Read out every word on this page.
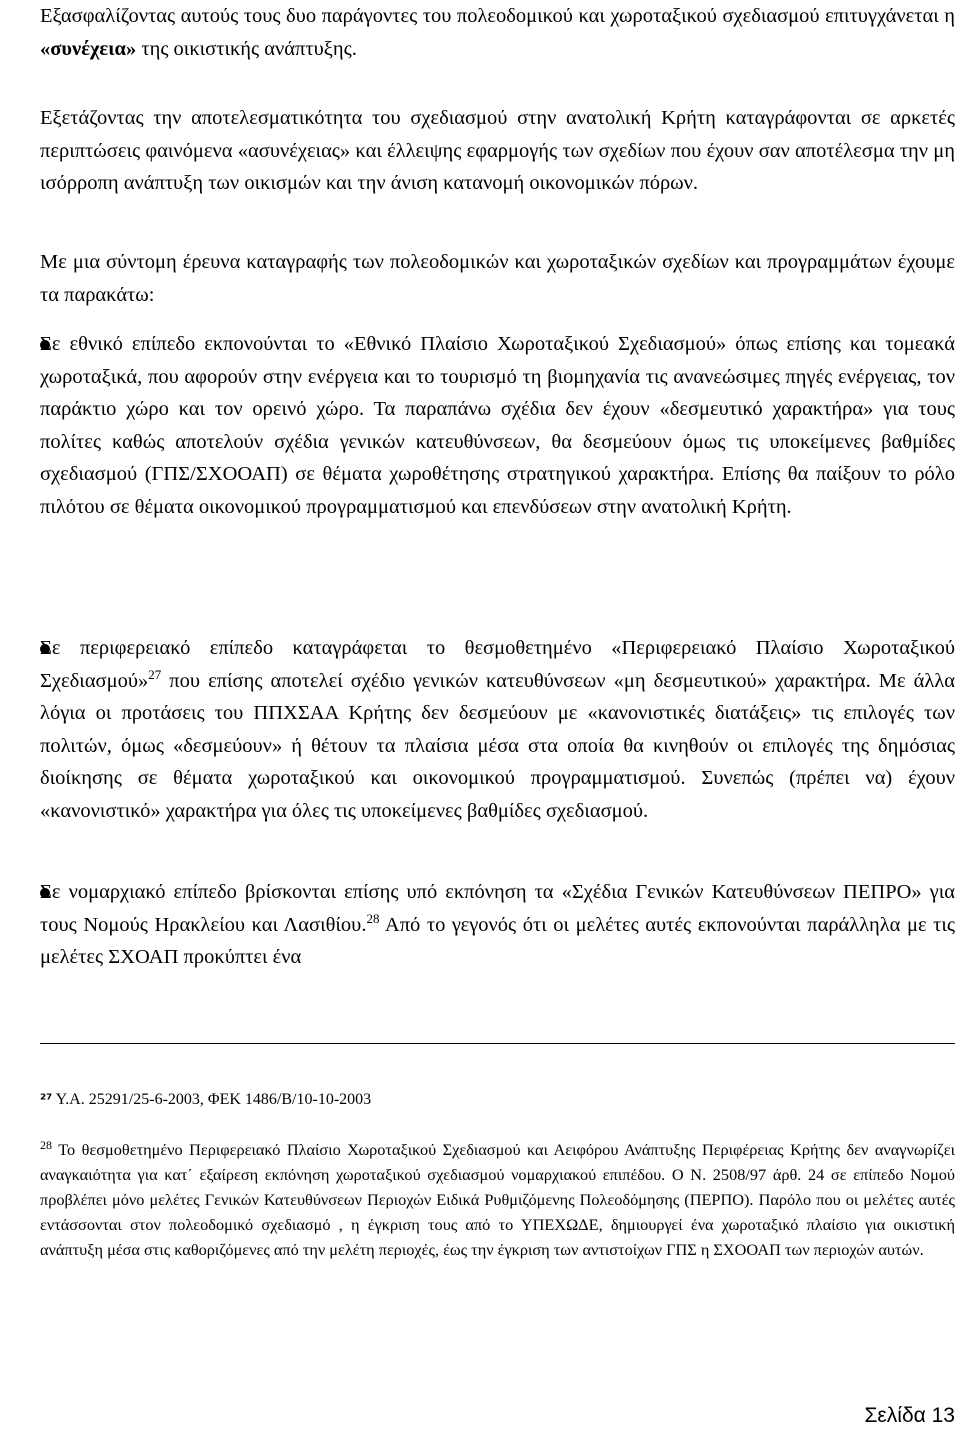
Εξασφαλίζοντας αυτούς τους δυο παράγοντες του πολεοδομικού και χωροταξικού σχεδιασμού επιτυγχάνεται η «συνέχεια» της οικιστικής ανάπτυξης.

Εξετάζοντας την αποτελεσματικότητα του σχεδιασμού στην ανατολική Κρήτη καταγράφονται σε αρκετές περιπτώσεις φαινόμενα «ασυνέχειας» και έλλειψης εφαρμογής των σχεδίων που έχουν σαν αποτέλεσμα την μη ισόρροπη ανάπτυξη των οικισμών και την άνιση κατανομή οικονομικών πόρων.

Με μια σύντομη έρευνα καταγραφής των πολεοδομικών και χωροταξικών σχεδίων και προγραμμάτων έχουμε τα παρακάτω:

Σε εθνικό επίπεδο εκπονούνται το «Εθνικό Πλαίσιο Χωροταξικού Σχεδιασμού» όπως επίσης και τομεακά χωροταξικά, που αφορούν στην ενέργεια και το τουρισμό τη βιομηχανία τις ανανεώσιμες πηγές ενέργειας, τον παράκτιο χώρο και τον ορεινό χώρο. Τα παραπάνω σχέδια δεν έχουν «δεσμευτικό χαρακτήρα» για τους πολίτες καθώς αποτελούν σχέδια γενικών κατευθύνσεων, θα δεσμεύουν όμως τις υποκείμενες βαθμίδες σχεδιασμού (ΓΠΣ/ΣΧΟΟΑΠ) σε θέματα χωροθέτησης στρατηγικού χαρακτήρα. Επίσης θα παίξουν το ρόλο πιλότου σε θέματα οικονομικού προγραμματισμού και επενδύσεων στην ανατολική Κρήτη.

Σε περιφερειακό επίπεδο καταγράφεται το θεσμοθετημένο «Περιφερειακό Πλαίσιο Χωροταξικού Σχεδιασμού»$^{27}$ που επίσης αποτελεί σχέδιο γενικών κατευθύνσεων «μη δεσμευτικού» χαρακτήρα. Με άλλα λόγια οι προτάσεις του ΠΠΧΣΑΑ Κρήτης δεν δεσμεύουν με «κανονιστικές διατάξεις» τις επιλογές των πολιτών, όμως «δεσμεύουν» ή θέτουν τα πλαίσια μέσα στα οποία θα κινηθούν οι επιλογές της δημόσιας διοίκησης σε θέματα χωροταξικού και οικονομικού προγραμματισμού. Συνεπώς (πρέπει να) έχουν «κανονιστικό» χαρακτήρα για όλες τις υποκείμενες βαθμίδες σχεδιασμού.

Σε νομαρχιακό επίπεδο βρίσκονται επίσης υπό εκπόνηση τα «Σχέδια Γενικών Κατευθύνσεων ΠΕΠΡΟ» για τους Νομούς Ηρακλείου και Λασιθίου.$^{28}$ Από το γεγονός ότι οι μελέτες αυτές εκπονούνται παράλληλα με τις μελέτες ΣΧΟΑΠ προκύπτει ένα

²⁷ Υ.Α. 25291/25-6-2003, ΦΕΚ 1486/Β/10-10-2003
$^{28}$ Το θεσμοθετημένο Περιφερειακό Πλαίσιο Χωροταξικού Σχεδιασμού και Αειφόρου Ανάπτυξης Περιφέρειας Κρήτης δεν αναγνωρίζει αναγκαιότητα για κατ΄ εξαίρεση εκπόνηση χωροταξικού σχεδιασμού νομαρχιακού επιπέδου. Ο Ν. 2508/97 άρθ. 24 σε επίπεδο Νομού προβλέπει μόνο μελέτες Γενικών Κατευθύνσεων Περιοχών Ειδικά Ρυθμιζόμενης Πολεοδόμησης (ΠΕΡΠΟ). Παρόλο που οι μελέτες αυτές εντάσσονται στον πολεοδομικό σχεδιασμό , η έγκριση τους από το ΥΠΕΧΩΔΕ, δημιουργεί ένα χωροταξικό πλαίσιο για οικιστική ανάπτυξη μέσα στις καθοριζόμενες από την μελέτη περιοχές, έως την έγκριση των αντιστοίχων ΓΠΣ η ΣΧΟΟΑΠ των περιοχών αυτών.
Σελίδα 13
